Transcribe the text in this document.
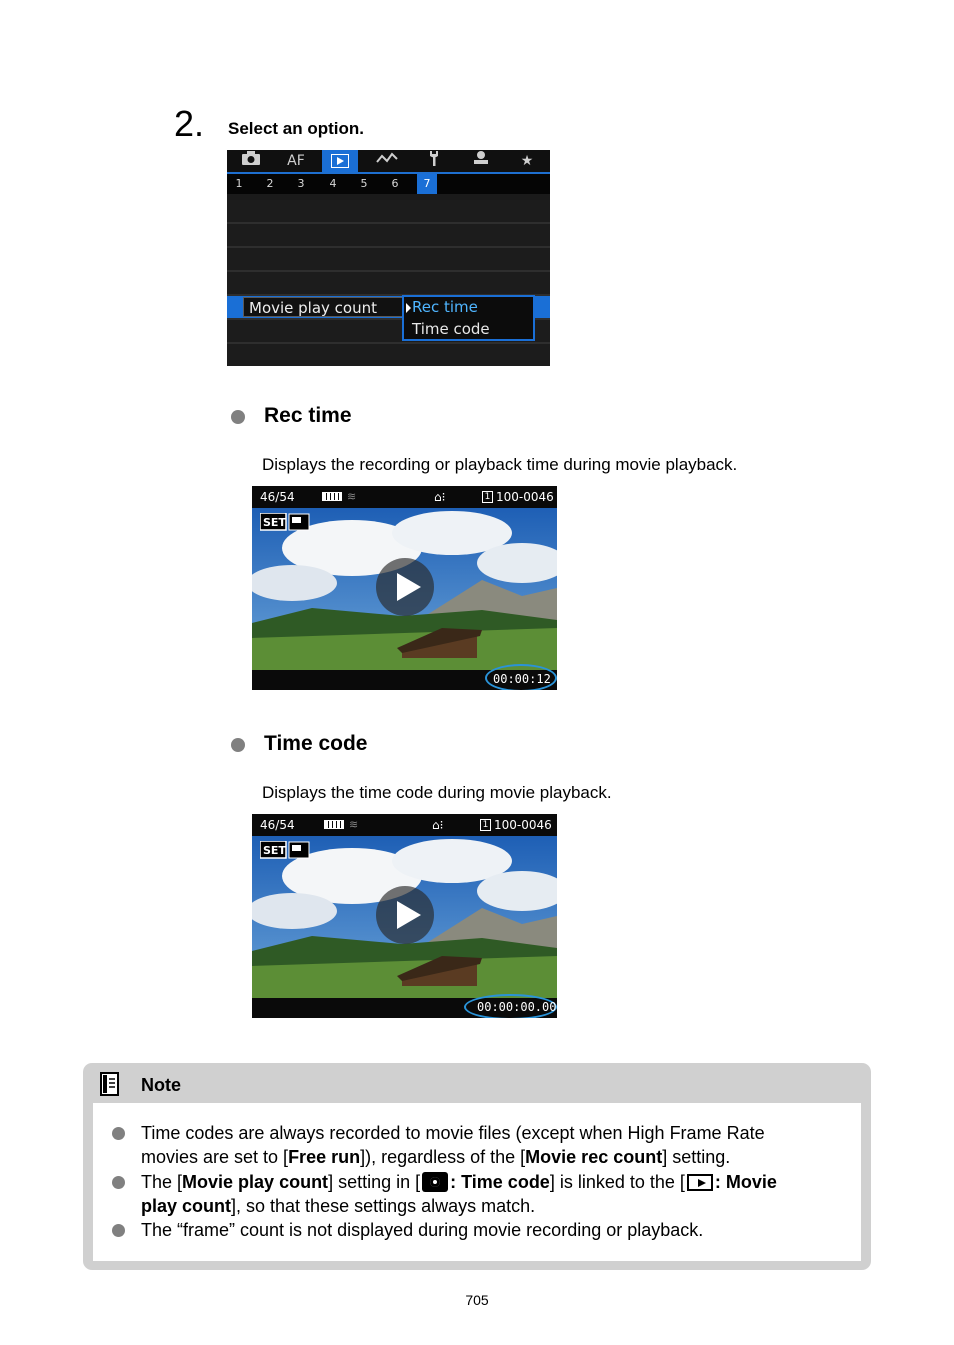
2. Select an option.
AF	★
1	2	3	4	5	6	7
Movie play count	Rec time
Time code
Rec time
Displays the recording or playback time during movie playback.
46/54	≋	⌂⁝	1 100-0046
SET
00:00:12
Time code
Displays the time code during movie playback.
46/54	≋	⌂⁝	1 100-0046
SET
00:00:00.00
Note
Time codes are always recorded to movie files (except when High Frame Rate
movies are set to [Free run]), regardless of the [Movie rec count] setting.
The [Movie play count] setting in [ : Time code] is linked to the [ : Movie
play count], so that these settings always match.
The “frame” count is not displayed during movie recording or playback.
705
